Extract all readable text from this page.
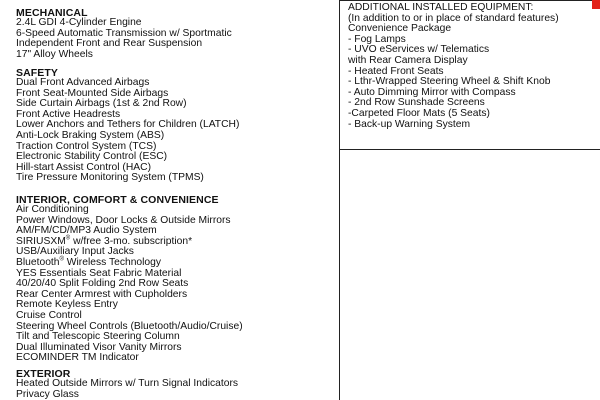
MECHANICAL
2.4L GDI 4-Cylinder Engine
6-Speed Automatic Transmission w/ Sportmatic
Independent Front and Rear Suspension
17" Alloy Wheels
SAFETY
Dual Front Advanced Airbags
Front Seat-Mounted Side Airbags
Side Curtain Airbags (1st & 2nd Row)
Front Active Headrests
Lower Anchors and Tethers for Children (LATCH)
Anti-Lock Braking System (ABS)
Traction Control System (TCS)
Electronic Stability Control (ESC)
Hill-start Assist Control (HAC)
Tire Pressure Monitoring System (TPMS)
INTERIOR, COMFORT & CONVENIENCE
Air Conditioning
Power Windows, Door Locks & Outside Mirrors
AM/FM/CD/MP3 Audio System
SIRIUSXM® w/free 3-mo. subscription*
USB/Auxiliary Input Jacks
Bluetooth® Wireless Technology
YES Essentials Seat Fabric Material
40/20/40 Split Folding 2nd Row Seats
Rear Center Armrest with Cupholders
Remote Keyless Entry
Cruise Control
Steering Wheel Controls (Bluetooth/Audio/Cruise)
Tilt and Telescopic Steering Column
Dual Illuminated Visor Vanity Mirrors
ECOMINDER TM Indicator
EXTERIOR
Heated Outside Mirrors w/ Turn Signal Indicators
Privacy Glass
ADDITIONAL INSTALLED EQUIPMENT:
(In addition to or in place of standard features)
Convenience Package
- Fog Lamps
- UVO eServices w/ Telematics
with Rear Camera Display
- Heated Front Seats
- Lthr-Wrapped Steering Wheel & Shift Knob
- Auto Dimming Mirror with Compass
- 2nd Row Sunshade Screens
-Carpeted Floor Mats (5 Seats)
- Back-up Warning System
